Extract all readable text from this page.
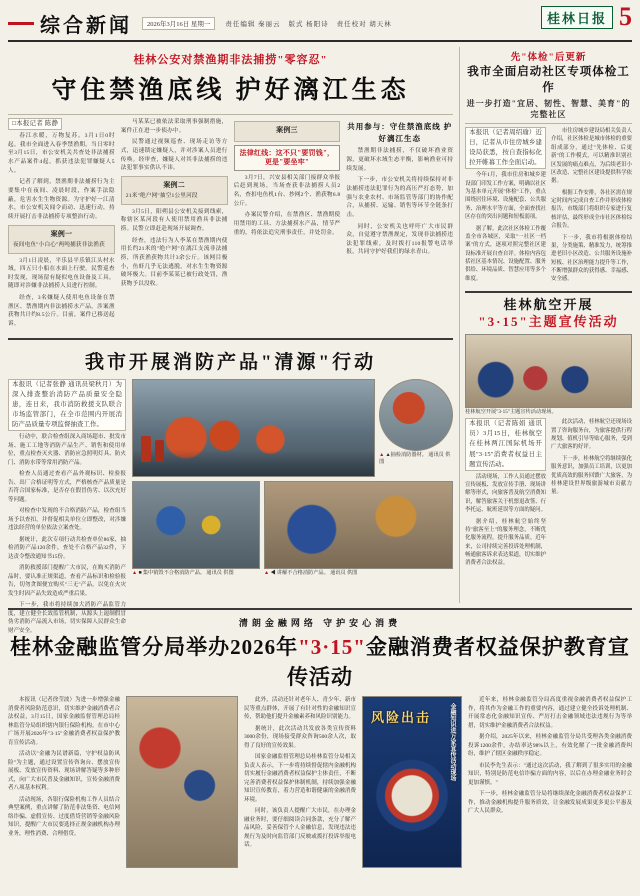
综合新闻	2026年3月16日 星期一	责任编辑 秦丽云 版式 杨阳诗 责任校对 胡天林	桂林日报 5
桂林公安对禁渔期非法捕捞"零容忍"
守住禁渔底线 护好漓江生态
□本报记者 陈静

春江水暖，万物复苏。3月1日0时起，我市全面进入春季禁渔期。当日零时至3月15日，市公安机关共查处非法捕捞水产品案件4起，抓获违法犯罪嫌疑人5人。

记者了解到，禁渔期非法捕捞行为主要集中在夜间、凌晨时段，作案手法隐蔽，危害水生生物资源。为守护好一江清水，市公安机关闻令而动、迅速行动，持续开展打击非法捕捞专项整治行动。

案例一
夜间电鱼"小白心"两吨捕获非法渔获

3月1日凌晨，平乐县平乐镇江头村水域，四五只小船在水面上行驶。民警巡查时发现，现场留有疑似电鱼设备及工具，随即对涉嫌非法捕捞人员进行控制。

经查，3名嫌疑人使用电鱼设备在禁渔区、禁渔期内非法捕捞水产品，涉案渔获物共计约8.5公斤。目前，案件已移送起诉。

马某某已被依法采取刑事强制措施，案件正在进一步侦办中。

民警通过视频巡查、现场走访等方式，迅速锁定嫌疑人，并对涉案人员进行传唤。经审查，嫌疑人对其非法捕捞的违法犯罪事实供认不讳。

案例二
21米"绝户网"抽空1公里河段

3月5日，阳朔县公安机关接到线索，称辖区某河段有人使用禁用渔具非法捕捞。民警立即赶赴现场开展调查。

经查，违法行为人李某在禁渔期内使用长约21米的"绝户网"在漓江支流非法捕捞，所获渔获物共计3余公斤。该网目极小，鱼虾几乎无法逃脱，对水生生物资源破坏极大。目前李某某已被行政处罚，渔获物予以没收。

案例三
法律红线：这不只"要罚钱"，更是"要坐牢"

3月7日，兴安县相关部门接群众举报后赶到现场，当场查获非法捕捞人员2名，查扣电鱼机1台、抄网2个、渔获物6.8公斤。

办案民警介绍，在禁渔区、禁渔期使用禁用的工具、方法捕捞水产品，情节严重的，将依法追究刑事责任，并处罚金。

共用参与：守住禁渔底线 护好漓江生态

禁渔期非法捕捞，不仅破坏渔业资源，更破坏水域生态平衡，影响渔业可持续发展。

下一步，市公安机关将持续保持对非法捕捞违法犯罪行为的高压严打态势，加强与农业农村、市场监管等部门的协作配合，从捕捞、运输、销售等环节全链条打击。

同时，公安机关也呼吁广大市民群众，自觉遵守禁渔规定，发现非法捕捞违法犯罪线索，及时拨打110报警电话举报，共同守护好我们的绿水青山。

我市开展消防产品"清源"行动
本报讯（记者张静 通讯员梁秋月）为深入排查整治消防产品质量安全隐患，连日来，我市消防救援支队联合市场监管部门，在全市范围内开展消防产品质量专项监督抽查工作。

行动中，联合检查组深入商场超市、批发市场、施工工地等消防产品生产、销售和使用单位，重点检查灭火器、消防应急照明灯具、防火门、消防水带等常用消防产品。

检查人员通过查看产品外观标识、检验报告、出厂合格证明等方式，严格核查产品质量是否符合国家标准，是否存在假冒伪劣、以次充好等问题。

对检查中发现的不合格消防产品，检查组当场予以查扣，并督促相关单位立即整改，对涉嫌违法经营的单位依法立案查处。

据统计，此次专项行动共检查单位86家，抽检消防产品120余件，查处不合格产品32件，下达责令整改通知书15份。

消防救援部门提醒广大市民，在购买消防产品时，要认准正规渠道，查看产品标识和检验报告，切勿贪图便宜购买"三无"产品，以免在火灾发生时因产品失效造成严重后果。

下一步，我市将持续加大消防产品监管力度，建立健全长效监管机制，从源头上遏制假冒伪劣消防产品流入市场，切实保障人民群众生命财产安全。

▲ ▲抽检消防器材。 通讯员 供图
▲ ■ 集中销毁不合格消防产品。 通讯员 供图	▲ ◀ 讲解不合格消防产品。 通讯员 供图
先"体检"后更新
我市全面启动社区专项体检工作
进一步打造"宜居、韧性、智慧、美育"的完整社区
本报讯（记者周绍瑜）近日，记者从市住房城乡建设局获悉，按自查指标化拉开帷幕工作全面启动。

今年1月，我市住房和城乡建设部门印发工作方案，明确以社区为基本单元开展"体检"工作，重点围绕居住环境、设施配套、公共服务、治理水平等方面，全面查找社区存在的突出问题和短板弱项。

据了解，此次社区体检工作覆盖全市各城区，采取"一社区一档案"的方式，逐项对照完整社区建设标准开展自查自评。体检内容包括社区基本情况、设施配置、服务供给、环境品质、智慧应用等多个维度。

市住房城乡建设局相关负责人介绍，社区体检是城市体检的重要组成部分，通过"先体检、后更新"的工作模式，可以精准识别社区发展的痛点难点，为后续老旧小区改造、完整社区建设提供科学依据。

根据工作安排，各社区需在规定时间内完成自查工作并形成体检报告，市级部门将组织专家进行复核评估，最终形成全市社区体检综合报告。

下一步，我市将根据体检结果，分类施策、精准发力，统筹推进老旧小区改造、公共服务设施补短板、社区治理能力提升等工作，不断增强群众的获得感、幸福感、安全感。

桂林航空开展
"3·15"主题宣传活动
桂林航空开展"3·15"主题宣传活动现场。
本报讯（记者陈娟 通讯员）3月15日，桂林航空在桂林两江国际机场开展"3·15"消费者权益日主题宣传活动。

活动现场，工作人员通过摆放宣传展板、发放宣传手册、现场讲解等形式，向旅客普及航空消费知识，解答旅客关于机票退改签、行李托运、航班延误等方面的疑问。

据介绍，桂林航空始终坚持"旅客至上"的服务理念，不断优化服务流程，提升服务品质。近年来，公司持续完善投诉处理机制，畅通旅客诉求表达渠道，切实维护消费者合法权益。

此次活动，桂林航空还现场设置了咨询服务台，为旅客提供行程规划、值机引导等贴心服务，受到广大旅客的好评。

下一步，桂林航空将继续强化服务意识，加强员工培训，以更加优质高效的服务回馈广大旅客，为桂林建设世界级旅游城市贡献力量。

清朗金融网络 守护安心消费
桂林金融监管分局举办2026年"3·15"金融消费者权益保护教育宣传活动

本报讯（记者徐莹波）为进一步增强金融消费者风险防范意识，切实维护金融消费者合法权益，3月15日，国家金融监督管理总局桂林监管分局组织辖内银行保险机构，在市中心广场开展2026年"3·15"金融消费者权益保护教育宣传活动。

活动以"金融为民谱新篇，守护权益防风险"为主题，通过设置宣传咨询台、摆放宣传展板、发放宣传资料、现场讲解答疑等多种形式，向广大市民普及金融知识，宣传金融消费者八项基本权利。

活动现场，各银行保险机构工作人员结合典型案例，重点讲解了防范非法集资、电信网络诈骗、虚假宣传、过度借贷营销等金融风险知识，提醒广大市民要选择正规金融机构办理业务，理性消费、合理借贷。

此外，活动还针对老年人、青少年、新市民等重点群体，开展了有针对性的金融知识宣传，帮助他们提升金融素养和风险识别能力。

据统计，此次活动共发放各类宣传资料3000余份，现场接受群众咨询500余人次，取得了良好的宣传效果。

国家金融监督管理总局桂林监管分局相关负责人表示，下一步将持续督促辖内金融机构切实履行金融消费者权益保护主体责任，不断完善消费者权益保护体制机制，持续加强金融知识宣传教育，着力营造和谐健康的金融消费环境。

同时，该负责人提醒广大市民，在办理金融业务时，要仔细阅读合同条款，充分了解产品风险，妥善保管个人金融信息，发现违法违规行为及时向监管部门反映或拨打投诉举报电话。

风险出击	金融知识进万家宣传活动现场

近年来，桂林金融监管分局高度重视金融消费者权益保护工作，将其作为金融工作的重要内容，通过建立健全投诉处理机制、开展常态化金融知识宣传、严厉打击金融领域违法违规行为等举措，切实维护金融消费者合法权益。

据介绍，2025年以来，桂林金融监管分局共受理各类金融消费投诉1200余件，办结率达98%以上，有效化解了一批金融消费纠纷，维护了辖区金融秩序稳定。

市民李先生表示："通过这次活动，我了解到了很多实用的金融知识，特别是防范电信诈骗方面的内容，以后在办理金融业务时会更加谨慎。"

下一步，桂林金融监管分局将继续深化金融消费者权益保护工作，推动金融机构提升服务质效，让金融发展成果更多更公平惠及广大人民群众。
